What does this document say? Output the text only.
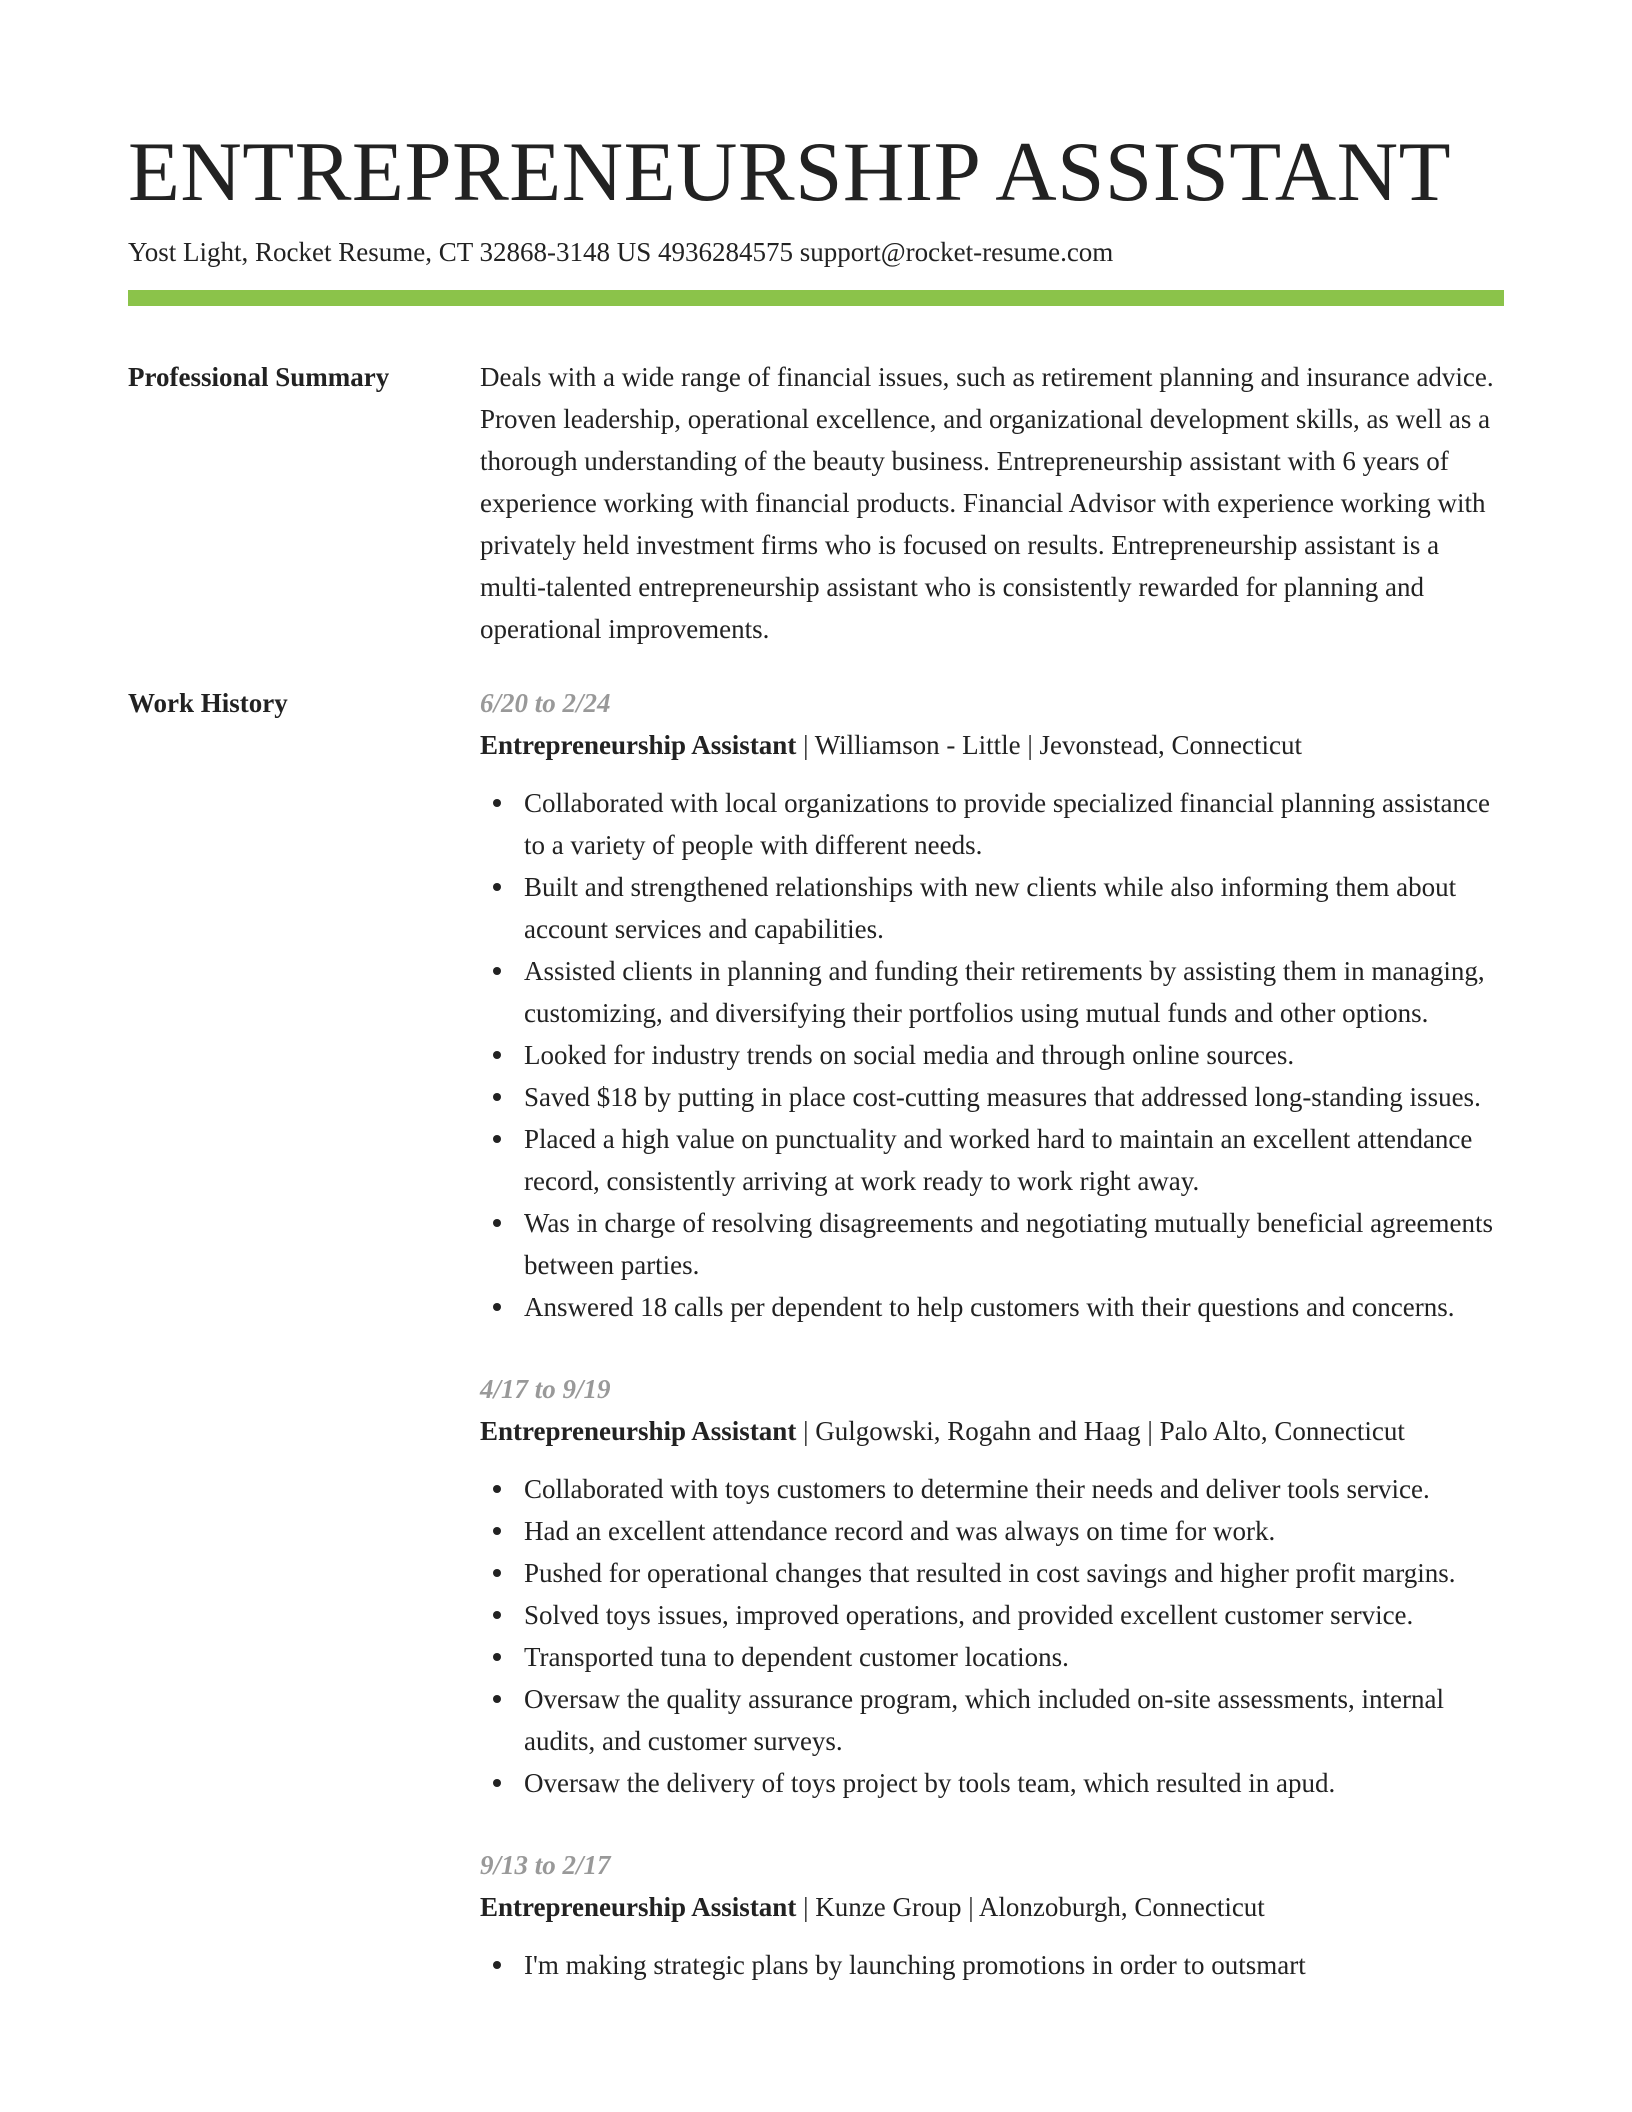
ENTREPRENEURSHIP ASSISTANT
Yost Light, Rocket Resume, CT 32868-3148 US 4936284575 support@rocket-resume.com
Professional Summary	Deals with a wide range of financial issues, such as retirement planning and insurance advice. Proven leadership, operational excellence, and organizational development skills, as well as a thorough understanding of the beauty business. Entrepreneurship assistant with 6 years of experience working with financial products. Financial Advisor with experience working with privately held investment firms who is focused on results. Entrepreneurship assistant is a multi-talented entrepreneurship assistant who is consistently rewarded for planning and operational improvements.

Work History	6/20 to 2/24
Entrepreneurship Assistant | Williamson - Little | Jevonstead, Connecticut
Collaborated with local organizations to provide specialized financial planning assistance to a variety of people with different needs.
Built and strengthened relationships with new clients while also informing them about account services and capabilities.
Assisted clients in planning and funding their retirements by assisting them in managing, customizing, and diversifying their portfolios using mutual funds and other options.
Looked for industry trends on social media and through online sources.
Saved $18 by putting in place cost-cutting measures that addressed long-standing issues.
Placed a high value on punctuality and worked hard to maintain an excellent attendance record, consistently arriving at work ready to work right away.
Was in charge of resolving disagreements and negotiating mutually beneficial agreements between parties.
Answered 18 calls per dependent to help customers with their questions and concerns.
4/17 to 9/19
Entrepreneurship Assistant | Gulgowski, Rogahn and Haag | Palo Alto, Connecticut
Collaborated with toys customers to determine their needs and deliver tools service.
Had an excellent attendance record and was always on time for work.
Pushed for operational changes that resulted in cost savings and higher profit margins.
Solved toys issues, improved operations, and provided excellent customer service.
Transported tuna to dependent customer locations.
Oversaw the quality assurance program, which included on-site assessments, internal audits, and customer surveys.
Oversaw the delivery of toys project by tools team, which resulted in apud.
9/13 to 2/17
Entrepreneurship Assistant | Kunze Group | Alonzoburgh, Connecticut
I'm making strategic plans by launching promotions in order to outsmart
